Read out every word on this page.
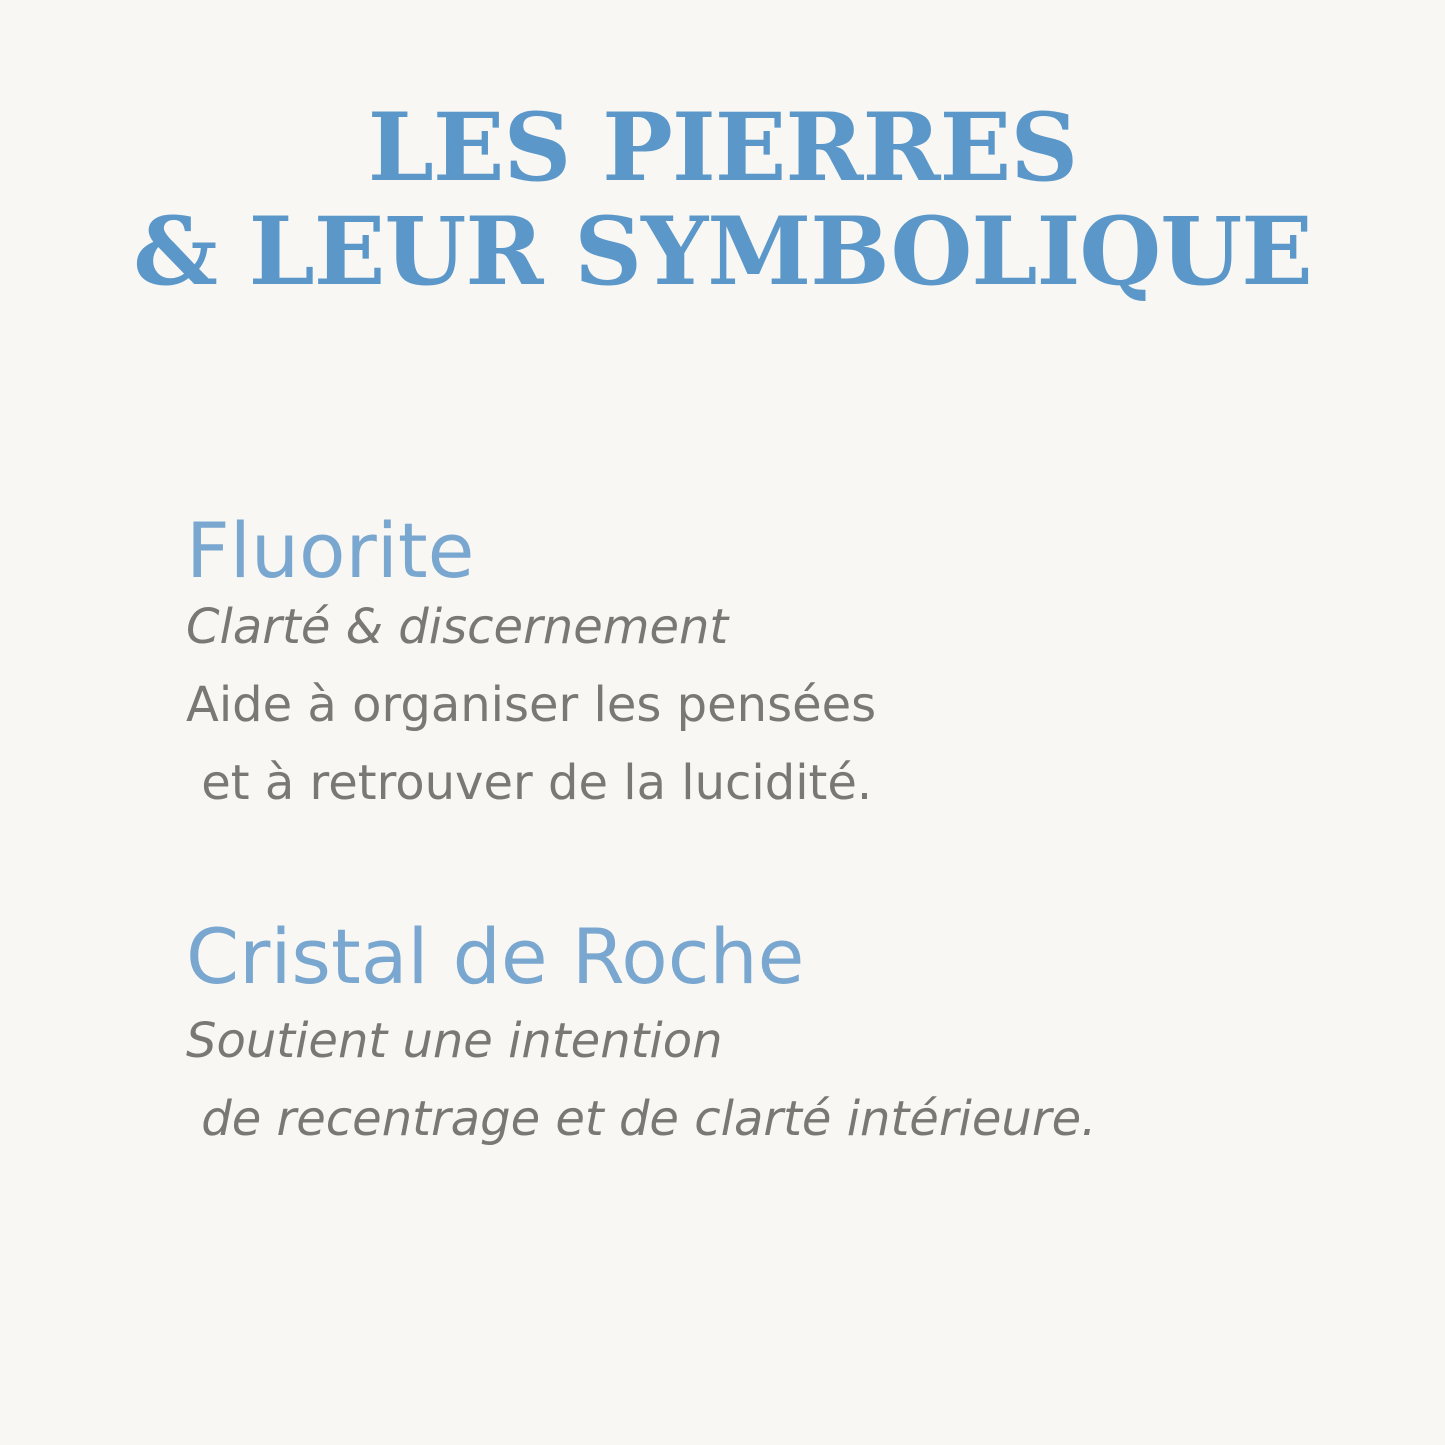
LES PIERRES
& LEUR SYMBOLIQUE
Fluorite

Clarté & discernement

Aide à organiser les pensées

et à retrouver de la lucidité.

Cristal de Roche

Soutient une intention

de recentrage et de clarté intérieure.
